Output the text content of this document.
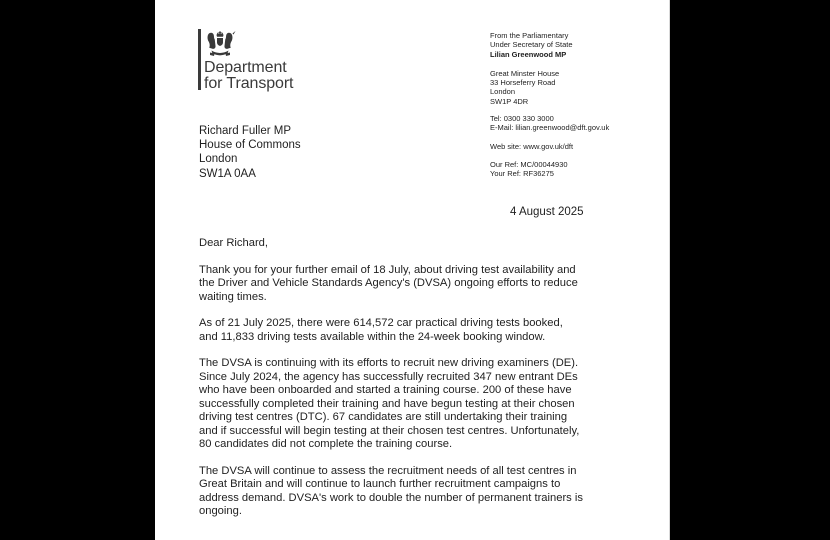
Department
for Transport
From the Parliamentary
Under Secretary of State
Lilian Greenwood MP
Great Minster House
33 Horseferry Road
London
SW1P 4DR
Tel: 0300 330 3000
E-Mail: lilian.greenwood@dft.gov.uk
Web site: www.gov.uk/dft
Our Ref: MC/00044930
Your Ref: RF36275
Richard Fuller MP
House of Commons
London
SW1A 0AA
4 August 2025
Dear Richard,
Thank you for your further email of 18 July, about driving test availability and
the Driver and Vehicle Standards Agency's (DVSA) ongoing efforts to reduce
waiting times.
As of 21 July 2025, there were 614,572 car practical driving tests booked,
and 11,833 driving tests available within the 24-week booking window.
The DVSA is continuing with its efforts to recruit new driving examiners (DE).
Since July 2024, the agency has successfully recruited 347 new entrant DEs
who have been onboarded and started a training course. 200 of these have
successfully completed their training and have begun testing at their chosen
driving test centres (DTC). 67 candidates are still undertaking their training
and if successful will begin testing at their chosen test centres. Unfortunately,
80 candidates did not complete the training course.
The DVSA will continue to assess the recruitment needs of all test centres in
Great Britain and will continue to launch further recruitment campaigns to
address demand. DVSA's work to double the number of permanent trainers is
ongoing.
